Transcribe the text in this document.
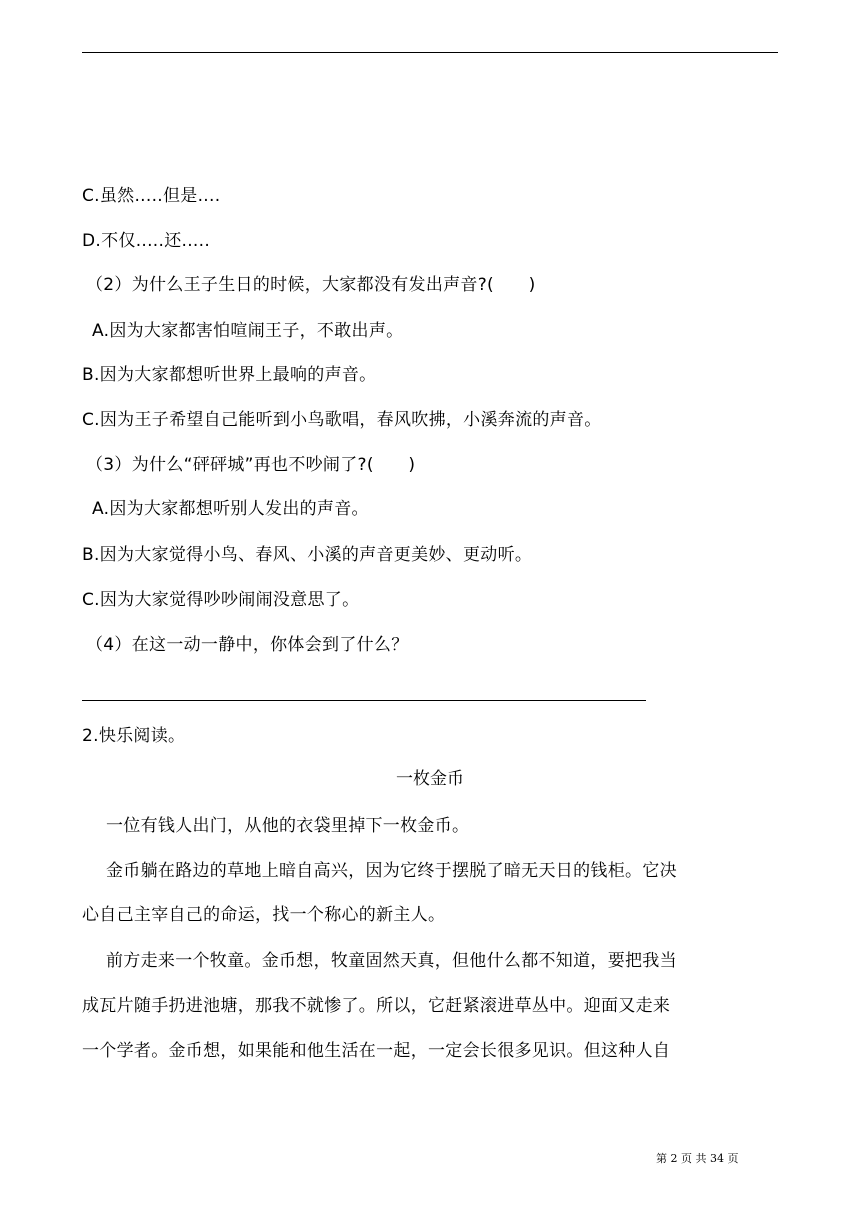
C.虽然.....但是....
D.不仅.....还.....
（2）为什么王子生日的时候，大家都没有发出声音?(　　)
A.因为大家都害怕喧闹王子，不敢出声。
B.因为大家都想听世界上最响的声音。
C.因为王子希望自己能听到小鸟歌唱，春风吹拂，小溪奔流的声音。
（3）为什么“砰砰城”再也不吵闹了?(　　)
A.因为大家都想听别人发出的声音。
B.因为大家觉得小鸟、春风、小溪的声音更美妙、更动听。
C.因为大家觉得吵吵闹闹没意思了。
（4）在这一动一静中，你体会到了什么？
2.快乐阅读。
一枚金币
一位有钱人出门，从他的衣袋里掉下一枚金币。
金币躺在路边的草地上暗自高兴，因为它终于摆脱了暗无天日的钱柜。它决
心自己主宰自己的命运，找一个称心的新主人。
前方走来一个牧童。金币想，牧童固然天真，但他什么都不知道，要把我当
成瓦片随手扔进池塘，那我不就惨了。所以，它赶紧滚进草丛中。迎面又走来
一个学者。金币想，如果能和他生活在一起，一定会长很多见识。但这种人自
第 2 页 共 34 页
